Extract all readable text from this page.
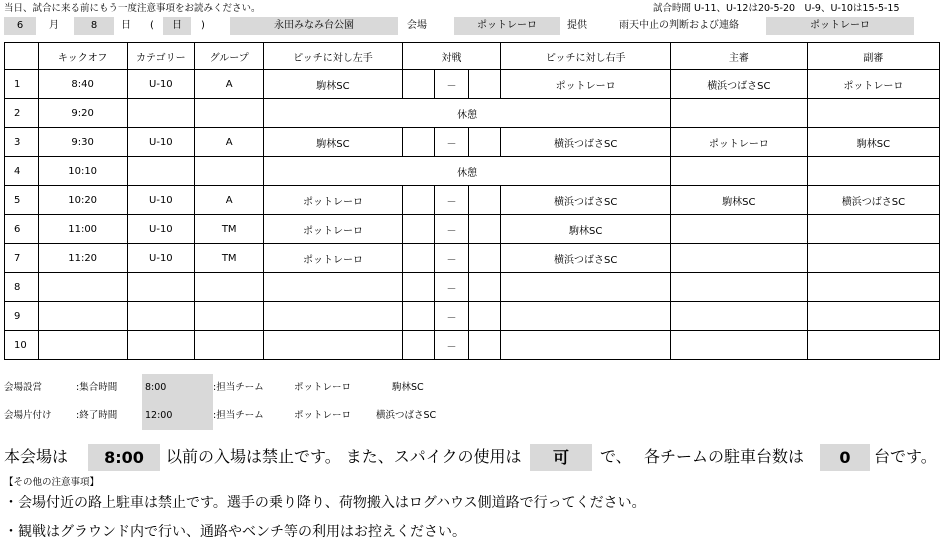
当日、試合に来る前にもう一度注意事項をお読みください。	試合時間 U-11、U-12は20-5-20　U-9、U-10は15-5-15
6	月	8	日	(	日	)	永田みなみ台公園	会場	ポットレーロ	提供	雨天中止の判断および連絡	ポットレーロ
	キックオフ	カテゴリー	グループ	ピッチに対し左手	対戦			ピッチに対し右手	主審	副審
1	8:40	U-10	A	駒林SC		－		ポットレーロ	横浜つばさSC	ポットレーロ
2	9:20			休憩						
3	9:30	U-10	A	駒林SC		－		横浜つばさSC	ポットレーロ	駒林SC
4	10:10			休憩						
5	10:20	U-10	A	ポットレーロ		－		横浜つばさSC	駒林SC	横浜つばさSC
6	11:00	U-10	TM	ポットレーロ		－		駒林SC		
7	11:20	U-10	TM	ポットレーロ		－		横浜つばさSC		
8						－				
9						－				
10						－				
会場設営	:集合時間	8:00	:担当チーム	ポットレーロ	駒林SC
会場片付け	:終了時間	12:00	:担当チーム	ポットレーロ	横浜つばさSC
本会場は	8:00	以前の入場は禁止です。 また、スパイクの使用は	可	で、 各チームの駐車台数は	0	台です。
【その他の注意事項】
・会場付近の路上駐車は禁止です。選手の乗り降り、荷物搬入はログハウス側道路で行ってください。
・観戦はグラウンド内で行い、通路やベンチ等の利用はお控えください。
